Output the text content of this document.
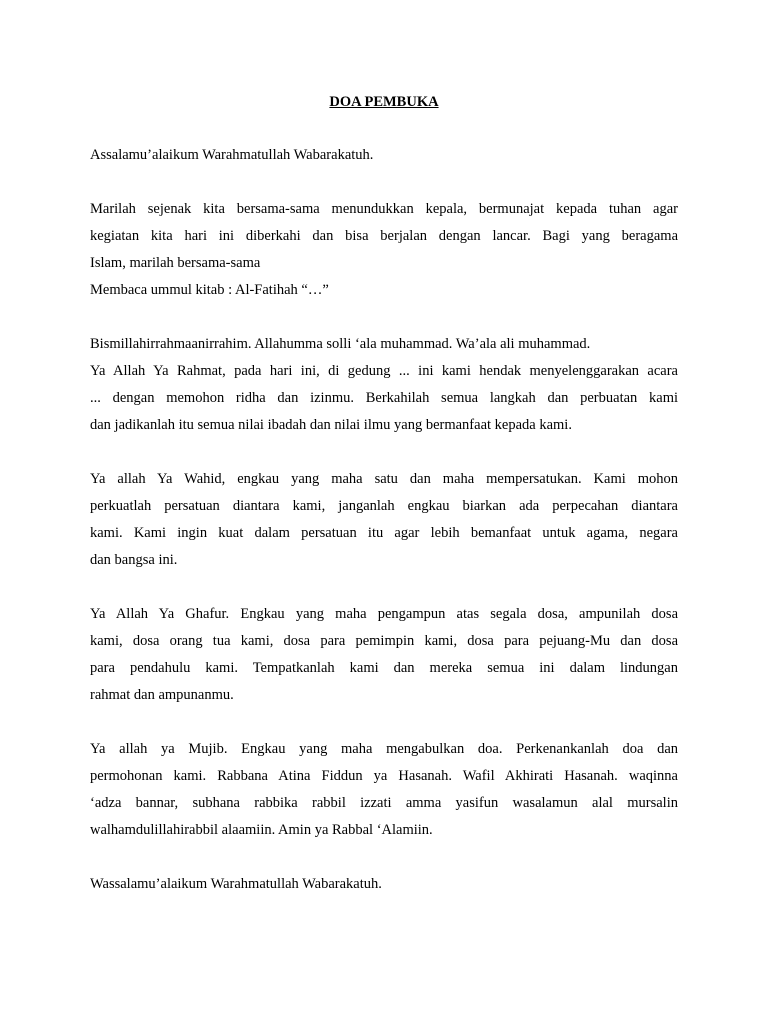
DOA PEMBUKA
Assalamu’alaikum Warahmatullah Wabarakatuh.
Marilah sejenak kita bersama-sama menundukkan kepala, bermunajat kepada tuhan agar
kegiatan kita hari ini diberkahi dan bisa berjalan dengan lancar. Bagi yang beragama
Islam, marilah bersama-sama
Membaca ummul kitab : Al-Fatihah “…”
Bismillahirrahmaanirrahim. Allahumma solli ‘ala muhammad. Wa’ala ali muhammad.
Ya Allah Ya Rahmat, pada hari ini, di gedung ... ini kami hendak menyelenggarakan acara
... dengan memohon ridha dan izinmu. Berkahilah semua langkah dan perbuatan kami
dan jadikanlah itu semua nilai ibadah dan nilai ilmu yang bermanfaat kepada kami.
Ya allah Ya Wahid, engkau yang maha satu dan maha mempersatukan. Kami mohon
perkuatlah persatuan diantara kami, janganlah engkau biarkan ada perpecahan diantara
kami. Kami ingin kuat dalam persatuan itu agar lebih bemanfaat untuk agama, negara
dan bangsa ini.
Ya Allah Ya Ghafur. Engkau yang maha pengampun atas segala dosa, ampunilah dosa
kami, dosa orang tua kami, dosa para pemimpin kami, dosa para pejuang-Mu dan dosa
para pendahulu kami. Tempatkanlah kami dan mereka semua ini dalam lindungan
rahmat dan ampunanmu.
Ya allah ya Mujib. Engkau yang maha mengabulkan doa. Perkenankanlah doa dan
permohonan kami. Rabbana Atina Fiddun ya Hasanah. Wafil Akhirati Hasanah. waqinna
‘adza bannar, subhana rabbika rabbil izzati amma yasifun wasalamun alal mursalin
walhamdulillahirabbil alaamiin. Amin ya Rabbal ‘Alamiin.
Wassalamu’alaikum Warahmatullah Wabarakatuh.
